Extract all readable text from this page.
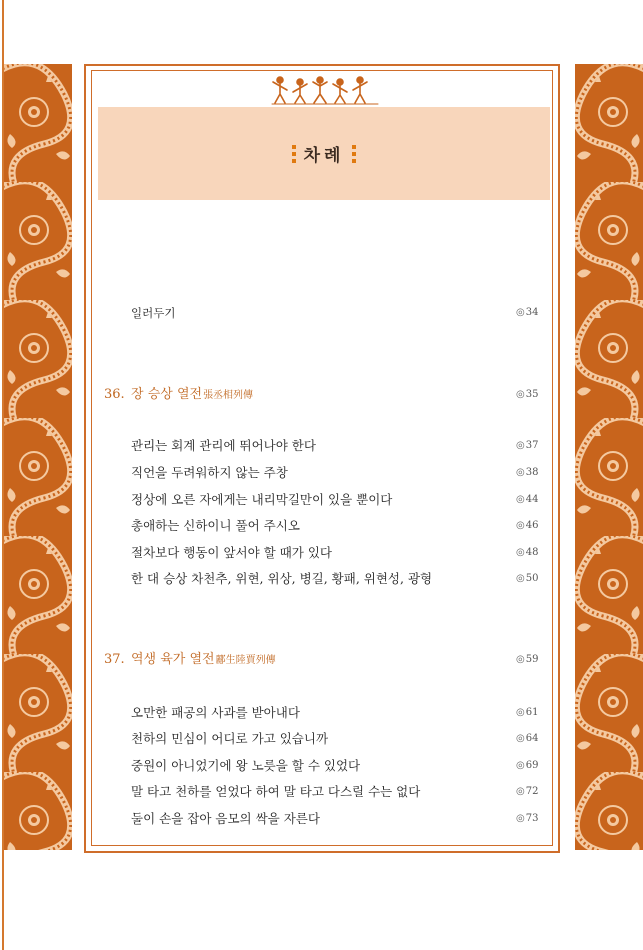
차례
일러두기	◎34
36. 장 승상 열전張丞相列傳	◎35
관리는 회계 관리에 뛰어나야 한다	◎37
직언을 두려워하지 않는 주창	◎38
정상에 오른 자에게는 내리막길만이 있을 뿐이다	◎44
총애하는 신하이니 풀어 주시오	◎46
절차보다 행동이 앞서야 할 때가 있다	◎48
한 대 승상 차천추, 위현, 위상, 병길, 황패, 위현성, 광형	◎50
37. 역생 육가 열전酈生陸賈列傳	◎59
오만한 패공의 사과를 받아내다	◎61
천하의 민심이 어디로 가고 있습니까	◎64
중원이 아니었기에 왕 노릇을 할 수 있었다	◎69
말 타고 천하를 얻었다 하여 말 타고 다스릴 수는 없다	◎72
둘이 손을 잡아 음모의 싹을 자른다	◎73
